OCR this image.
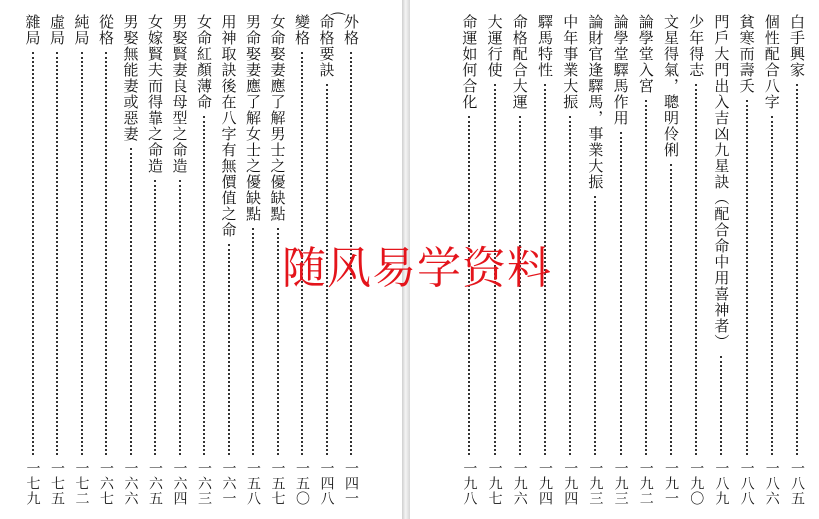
⌒
外格
一四一
命格要訣
一四八
變格
一五〇
女命娶妻應了解男士之優缺點
一五七
男命娶妻應了解女士之優缺點
一五八
用神取訣後在八字有無價值之命
一六一
女命紅顏薄命
一六三
男娶賢妻良母型之命造
一六四
女嫁賢夫而得靠之命造
一六五
男娶無能妻或惡妻
一六六
從格
一六七
純局
一七二
虛局
一七五
雜局
一七九
白手興家
一八五
個性配合八字
一八六
貧寒而壽夭
一八八
門戶大門出入吉凶九星訣（配合命中用喜神者）
一八九
少年得志
一九〇
文星得氣，聰明伶俐
一九一
論學堂入宮
一九二
論學堂驛馬作用
一九三
論財官逢驛馬，事業大振
一九三
中年事業大振
一九四
驛馬特性
一九四
命格配合大運
一九六
大運行使
一九七
命運如何合化
一九八
随风易学资料
